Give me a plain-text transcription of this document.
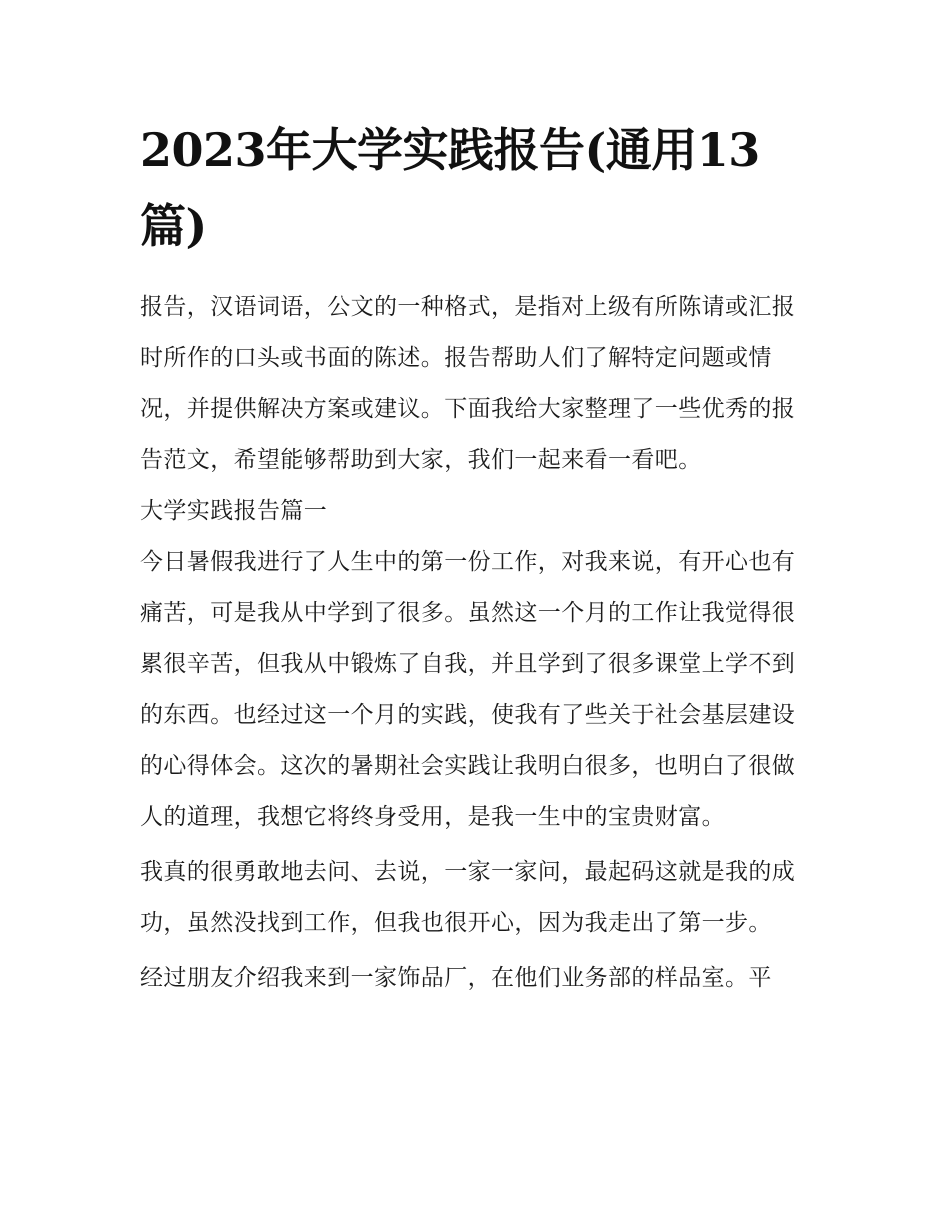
2023年大学实践报告(通用13篇)

报告，汉语词语，公文的一种格式，是指对上级有所陈请或汇报时所作的口头或书面的陈述。报告帮助人们了解特定问题或情况，并提供解决方案或建议。下面我给大家整理了一些优秀的报告范文，希望能够帮助到大家，我们一起来看一看吧。

大学实践报告篇一

今日暑假我进行了人生中的第一份工作，对我来说，有开心也有痛苦，可是我从中学到了很多。虽然这一个月的工作让我觉得很累很辛苦，但我从中锻炼了自我，并且学到了很多课堂上学不到的东西。也经过这一个月的实践，使我有了些关于社会基层建设的心得体会。这次的暑期社会实践让我明白很多，也明白了很做人的道理，我想它将终身受用，是我一生中的宝贵财富。

我真的很勇敢地去问、去说，一家一家问，最起码这就是我的成功，虽然没找到工作，但我也很开心，因为我走出了第一步。

经过朋友介绍我来到一家饰品厂，在他们业务部的样品室。平
